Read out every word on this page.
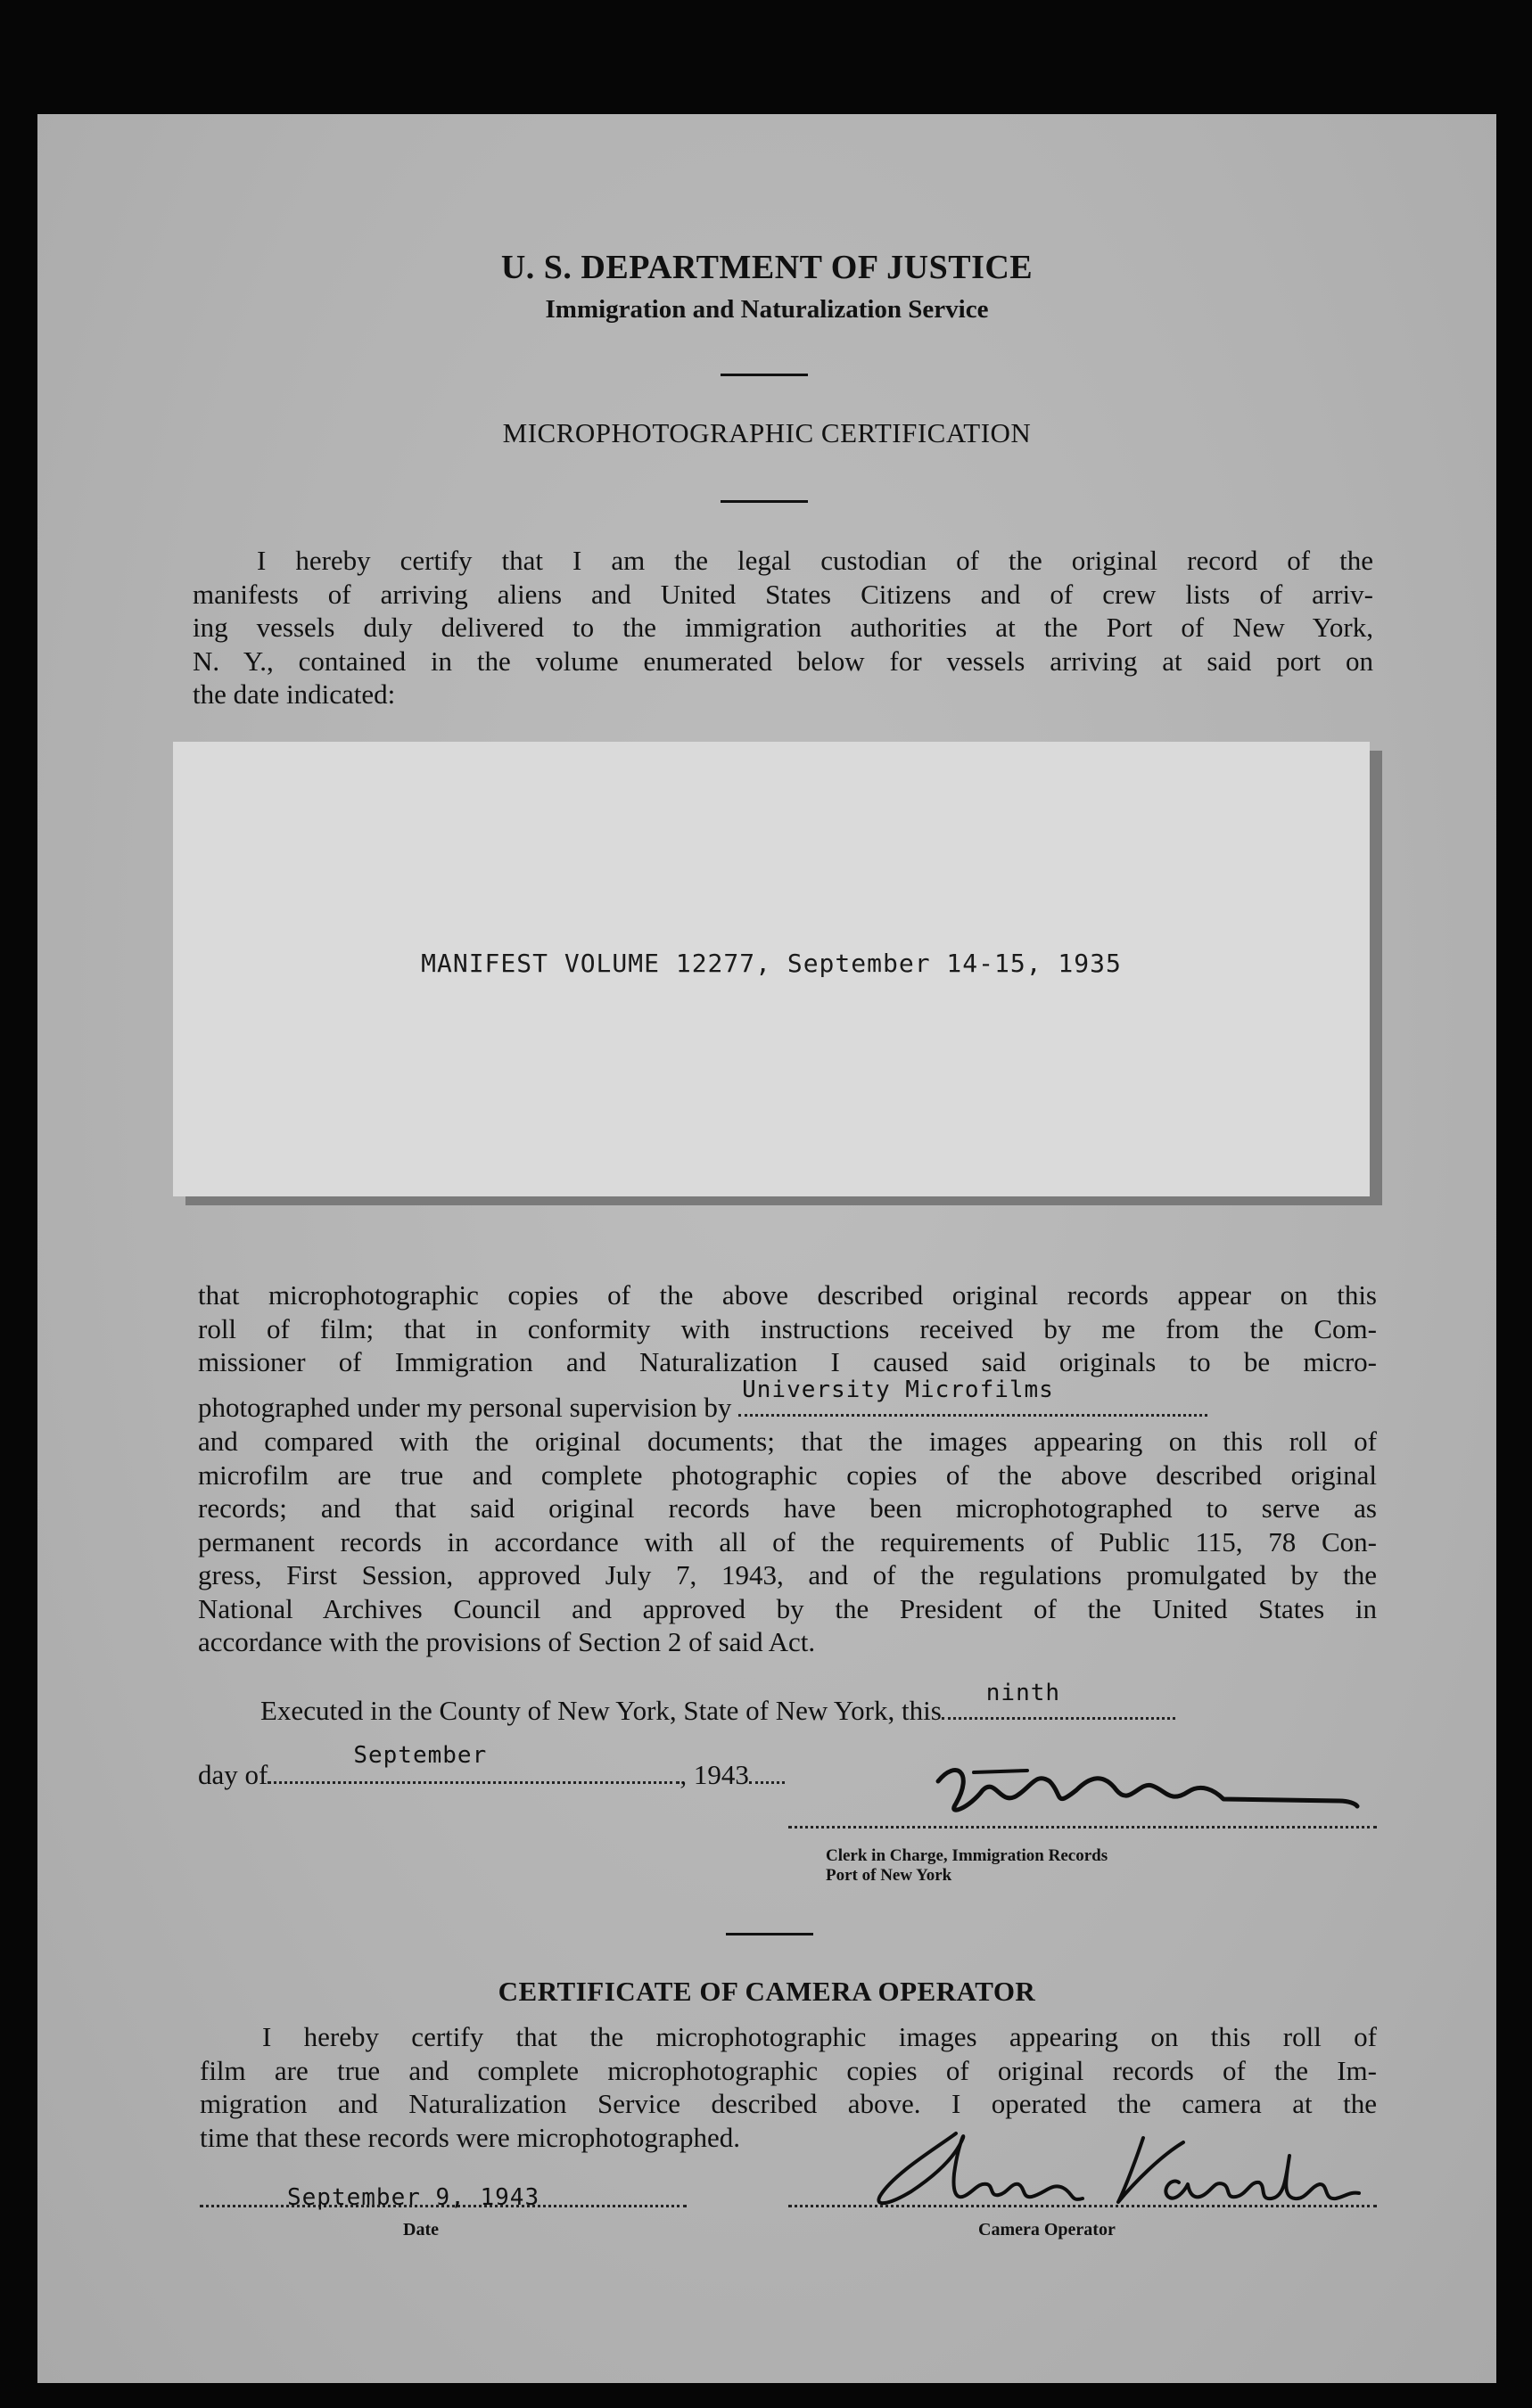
U. S. DEPARTMENT OF JUSTICE
Immigration and Naturalization Service
MICROPHOTOGRAPHIC CERTIFICATION

I hereby certify that I am the legal custodian of the original record of the

manifests of arriving aliens and United States Citizens and of crew lists of arriv-

ing vessels duly delivered to the immigration authorities at the Port of New York,

N. Y., contained in the volume enumerated below for vessels arriving at said port on

the date indicated:

MANIFEST VOLUME 12277, September 14-15, 1935

that microphotographic copies of the above described original records appear on this

roll of film; that in conformity with instructions received by me from the Com-

missioner of Immigration and Naturalization I caused said originals to be micro-

photographed under my personal supervision by
University Microfilms

and compared with the original documents; that the images appearing on this roll of

microfilm are true and complete photographic copies of the above described original

records; and that said original records have been microphotographed to serve as

permanent records in accordance with all of the requirements of Public 115, 78 Con-

gress, First Session, approved July 7, 1943, and of the regulations promulgated by the

National Archives Council and approved by the President of the United States in

accordance with the provisions of Section 2 of said Act.

Executed in the County of New York, State of New York, this
ninth
day of
September
, 1943
Clerk in Charge, Immigration Records
Port of New York
CERTIFICATE OF CAMERA OPERATOR

I hereby certify that the microphotographic images appearing on this roll of

film are true and complete microphotographic copies of original records of the Im-

migration and Naturalization Service described above. I operated the camera at the

time that these records were microphotographed.

September 9, 1943
Date	Camera Operator
